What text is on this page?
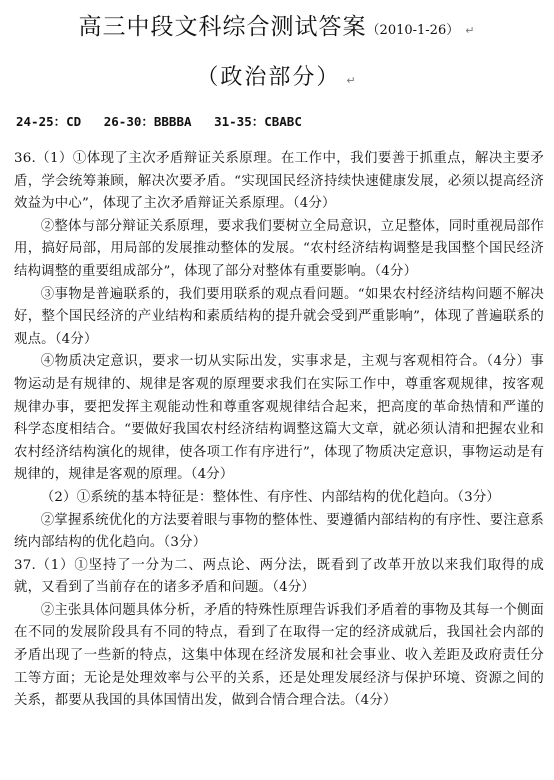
高三中段文科综合测试答案（2010-1-26） ↵
（政治部分） ↵
24-25：CD   26-30：BBBBA   31-35：CBABC

36.（1）①体现了主次矛盾辩证关系原理。在工作中，我们要善于抓重点，解决主要矛盾，学会统筹兼顾，解决次要矛盾。“实现国民经济持续快速健康发展，必须以提高经济效益为中心”，体现了主次矛盾辩证关系原理。（4分）

②整体与部分辩证关系原理，要求我们要树立全局意识，立足整体，同时重视局部作用，搞好局部，用局部的发展推动整体的发展。“农村经济结构调整是我国整个国民经济结构调整的重要组成部分”，体现了部分对整体有重要影响。（4分）

③事物是普遍联系的，我们要用联系的观点看问题。“如果农村经济结构问题不解决好，整个国民经济的产业结构和素质结构的提升就会受到严重影响”，体现了普遍联系的观点。（4分）

④物质决定意识，要求一切从实际出发，实事求是，主观与客观相符合。（4分）事物运动是有规律的、规律是客观的原理要求我们在实际工作中，尊重客观规律，按客观规律办事，要把发挥主观能动性和尊重客观规律结合起来，把高度的革命热情和严谨的科学态度相结合。“要做好我国农村经济结构调整这篇大文章，就必须认清和把握农业和农村经济结构演化的规律，使各项工作有序进行”，体现了物质决定意识，事物运动是有规律的，规律是客观的原理。（4分）

（2）①系统的基本特征是：整体性、有序性、内部结构的优化趋向。（3分）

②掌握系统优化的方法要着眼与事物的整体性、要遵循内部结构的有序性、要注意系统内部结构的优化趋向。（3分）

37.（1）①坚持了一分为二、两点论、两分法，既看到了改革开放以来我们取得的成就，又看到了当前存在的诸多矛盾和问题。（4分）

②主张具体问题具体分析，矛盾的特殊性原理告诉我们矛盾着的事物及其每一个侧面在不同的发展阶段具有不同的特点，看到了在取得一定的经济成就后，我国社会内部的矛盾出现了一些新的特点，这集中体现在经济发展和社会事业、收入差距及政府责任分工等方面；无论是处理效率与公平的关系，还是处理发展经济与保护环境、资源之间的关系，都要从我国的具体国情出发，做到合情合理合法。（4分）
